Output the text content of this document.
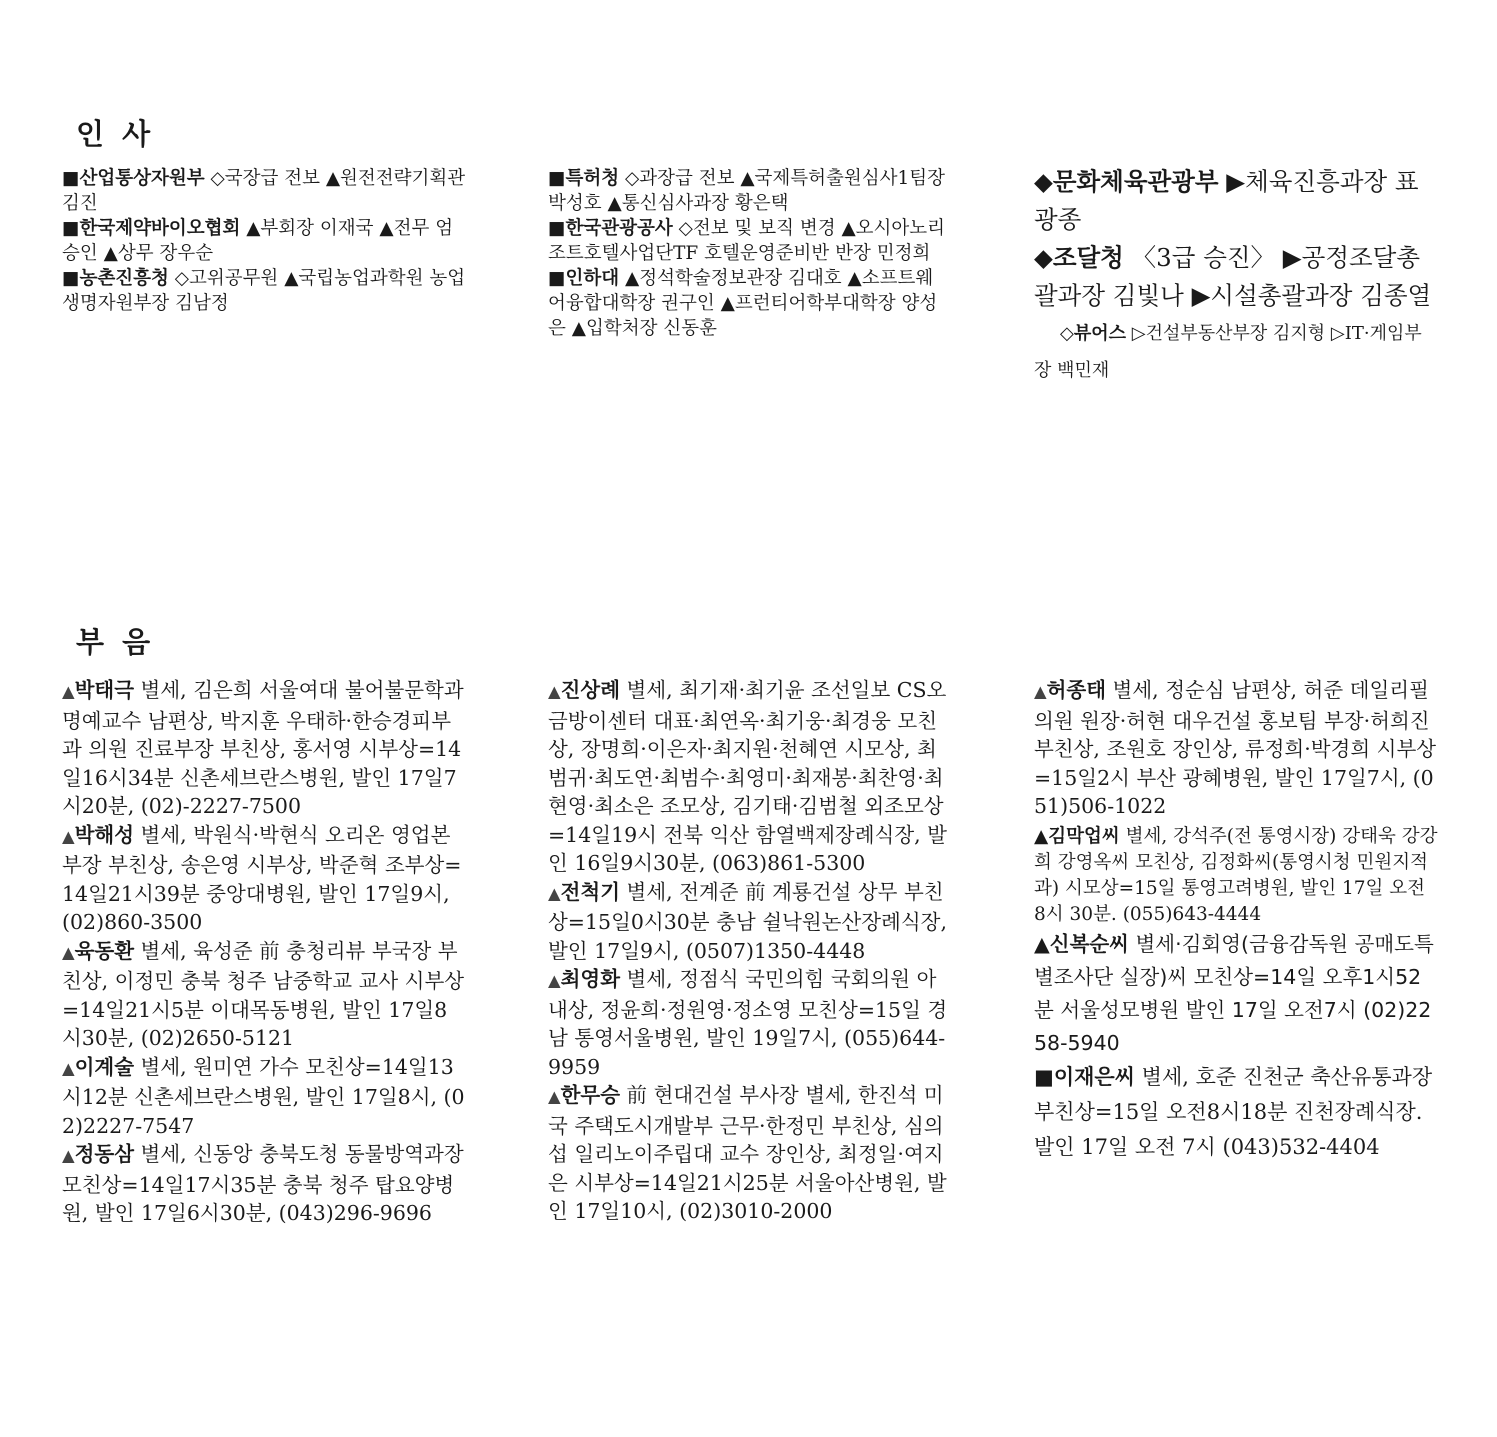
인 사
부 음

■산업통상자원부 ◇국장급 전보 ▲원전전략기획관 김진

■한국제약바이오협회 ▲부회장 이재국 ▲전무 엄승인 ▲상무 장우순

■농촌진흥청 ◇고위공무원 ▲국립농업과학원 농업생명자원부장 김남정

■특허청 ◇과장급 전보 ▲국제특허출원심사1팀장 박성호 ▲통신심사과장 황은택

■한국관광공사 ◇전보 및 보직 변경 ▲오시아노리조트호텔사업단TF 호텔운영준비반 반장 민정희

■인하대 ▲정석학술정보관장 김대호 ▲소프트웨어융합대학장 권구인 ▲프런티어학부대학장 양성은 ▲입학처장 신동훈

◆문화체육관광부 ▶체육진흥과장 표광종

◆조달청 〈3급 승진〉 ▶공정조달총괄과장 김빛나 ▶시설총괄과장 김종열

◇뷰어스 ▷건설부동산부장 김지형 ▷IT·게임부장 백민재

▲박태극 별세, 김은희 서울여대 불어불문학과 명예교수 남편상, 박지훈 우태하·한승경피부과 의원 진료부장 부친상, 홍서영 시부상=14일16시34분 신촌세브란스병원, 발인 17일7시20분, (02)-2227-7500

▲박해성 별세, 박원식·박현식 오리온 영업본부장 부친상, 송은영 시부상, 박준혁 조부상=14일21시39분 중앙대병원, 발인 17일9시, (02)860-3500

▲육동환 별세, 육성준 前 충청리뷰 부국장 부친상, 이정민 충북 청주 남중학교 교사 시부상=14일21시5분 이대목동병원, 발인 17일8시30분, (02)2650-5121

▲이계술 별세, 원미연 가수 모친상=14일13시12분 신촌세브란스병원, 발인 17일8시, (02)2227-7547

▲정동삼 별세, 신동앙 충북도청 동물방역과장 모친상=14일17시35분 충북 청주 탑요양병원, 발인 17일6시30분, (043)296-9696

▲진상례 별세, 최기재·최기윤 조선일보 CS오금방이센터 대표·최연옥·최기웅·최경웅 모친상, 장명희·이은자·최지원·천혜연 시모상, 최범귀·최도연·최범수·최영미·최재봉·최찬영·최현영·최소은 조모상, 김기태·김범철 외조모상=14일19시 전북 익산 함열백제장례식장, 발인 16일9시30분, (063)861-5300

▲전척기 별세, 전계준 前 계룡건설 상무 부친상=15일0시30분 충남 쉴낙원논산장례식장, 발인 17일9시, (0507)1350-4448

▲최영화 별세, 정점식 국민의힘 국회의원 아내상, 정윤희·정원영·정소영 모친상=15일 경남 통영서울병원, 발인 19일7시, (055)644-9959

▲한무승 前 현대건설 부사장 별세, 한진석 미국 주택도시개발부 근무·한정민 부친상, 심의섭 일리노이주립대 교수 장인상, 최정일·여지은 시부상=14일21시25분 서울아산병원, 발인 17일10시, (02)3010-2000

▲허종태 별세, 정순심 남편상, 허준 데일리필의원 원장·허현 대우건설 홍보팀 부장·허희진 부친상, 조원호 장인상, 류정희·박경희 시부상=15일2시 부산 광혜병원, 발인 17일7시, (051)506-1022

▲김막업씨 별세, 강석주(전 통영시장) 강태욱 강강희 강영옥씨 모친상, 김정화씨(통영시청 민원지적과) 시모상=15일 통영고려병원, 발인 17일 오전 8시 30분. (055)643-4444

▲신복순씨 별세·김회영(금융감독원 공매도특별조사단 실장)씨 모친상=14일 오후1시52분 서울성모병원 발인 17일 오전7시 (02)2258-5940

■이재은씨 별세, 호준 진천군 축산유통과장 부친상=15일 오전8시18분 진천장례식장. 발인 17일 오전 7시 (043)532-4404
